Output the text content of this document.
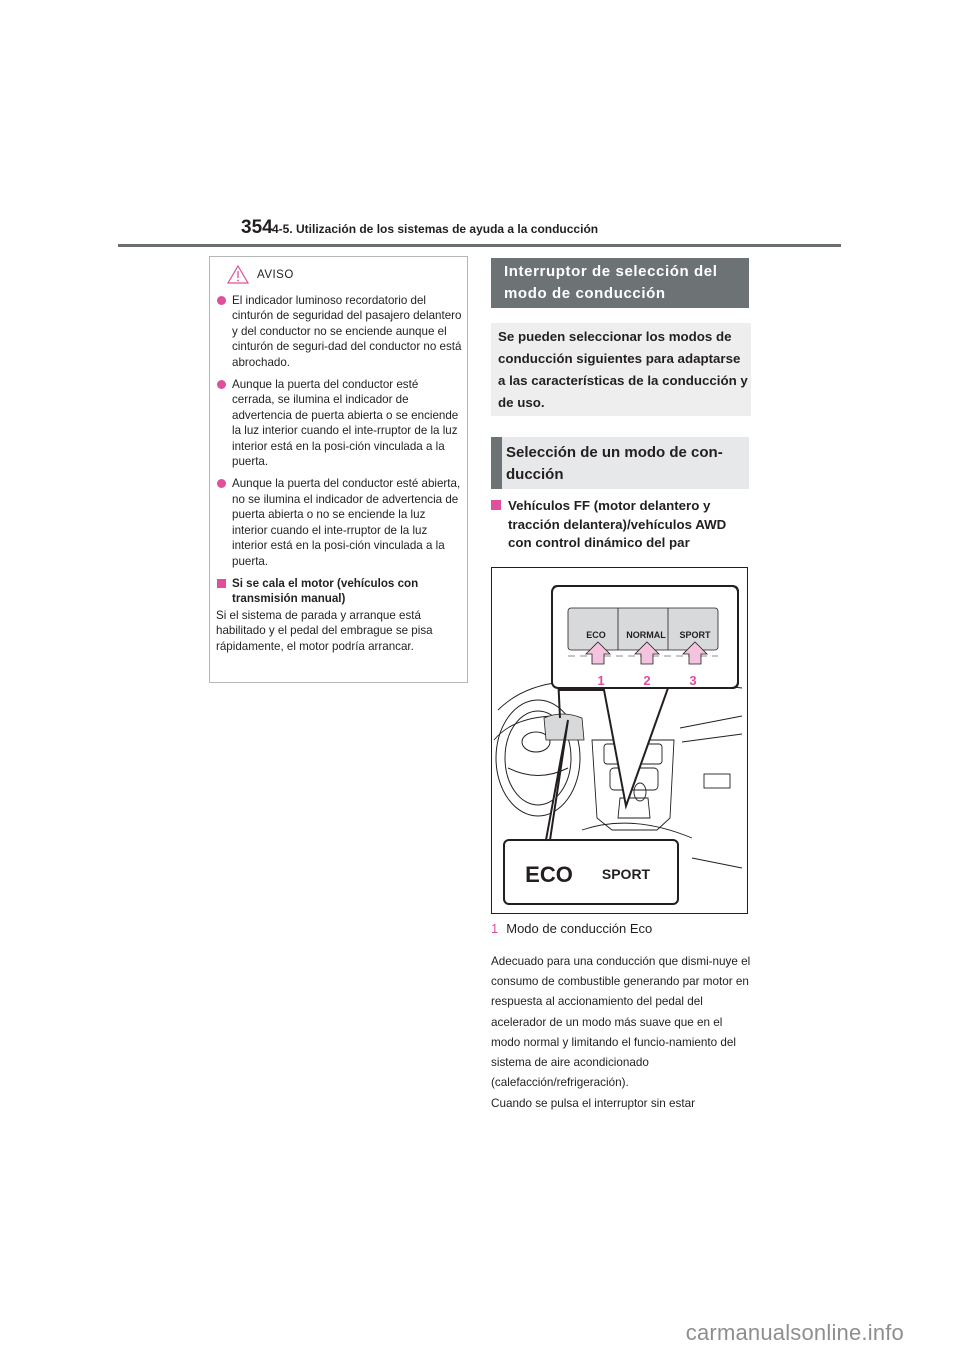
354 4-5. Utilización de los sistemas de ayuda a la conducción
AVISO
El indicador luminoso recordatorio del cinturón de seguridad del pasajero delantero y del conductor no se enciende aunque el cinturón de seguri-dad del conductor no está abrochado.
Aunque la puerta del conductor esté cerrada, se ilumina el indicador de advertencia de puerta abierta o se enciende la luz interior cuando el inte-rruptor de la luz interior está en la posi-ción vinculada a la puerta.
Aunque la puerta del conductor esté abierta, no se ilumina el indicador de advertencia de puerta abierta o no se enciende la luz interior cuando el inte-rruptor de la luz interior está en la posi-ción vinculada a la puerta.
Si se cala el motor (vehículos con transmisión manual)

Si el sistema de parada y arranque está habilitado y el pedal del embrague se pisa rápidamente, el motor podría arrancar.

Interruptor de selección del modo de conducción
Se pueden seleccionar los modos de conducción siguientes para adaptarse a las características de la conducción y de uso.
Selección de un modo de con-ducción
Vehículos FF (motor delantero y tracción delantera)/vehículos AWD con control dinámico del par
ECO NORMAL SPORT
1	2	3
ECO SPORT
1 Modo de conducción Eco

Adecuado para una conducción que dismi-nuye el consumo de combustible generando par motor en respuesta al accionamiento del pedal del acelerador de un modo más suave que en el modo normal y limitando el funcio-namiento del sistema de aire acondicionado (calefacción/refrigeración).

Cuando se pulsa el interruptor sin estar

carmanualsonline.info
